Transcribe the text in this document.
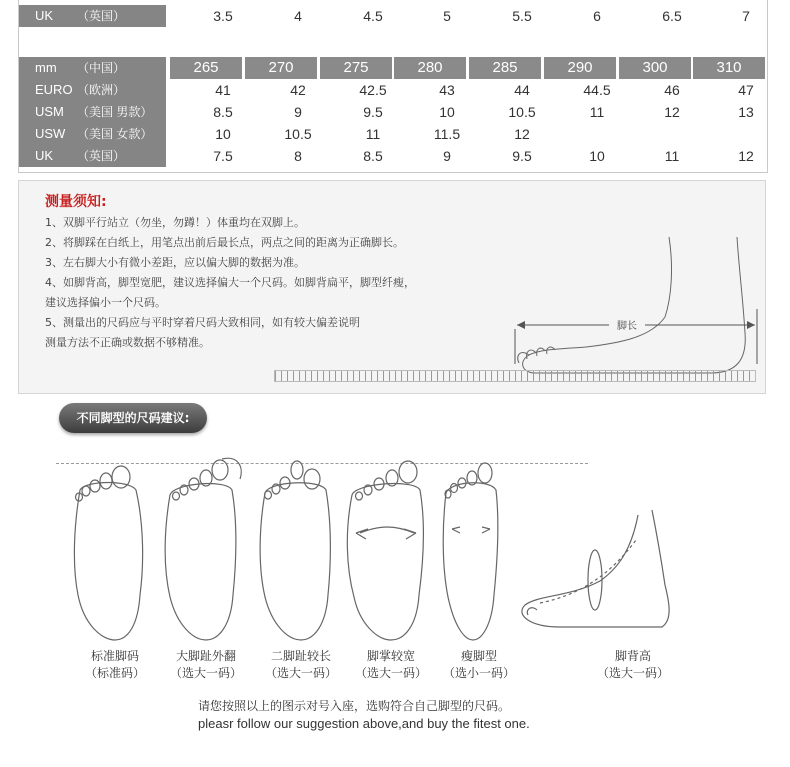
UK （英国）	3.5	4	4.5	5	5.5	6	6.5	7
mm （中国）	265	270	275	280	285	290	300	310
EURO （欧洲）	41	42	42.5	43	44	44.5	46	47
USM （美国 男款）	8.5	9	9.5	10	10.5	11	12	13
USW （美国 女款）	10	10.5	11	11.5	12
UK （英国）	7.5	8	8.5	9	9.5	10	11	12
测量须知:
1、双脚平行站立（勿坐，勿蹲！）体重均在双脚上。
2、将脚踩在白纸上，用笔点出前后最长点，两点之间的距离为正确脚长。
3、左右脚大小有微小差距，应以偏大脚的数据为准。
4、如脚背高，脚型宽肥，建议选择偏大一个尺码。如脚背扁平，脚型纤瘦，
建议选择偏小一个尺码。
5、测量出的尺码应与平时穿着尺码大致相同，如有较大偏差说明
测量方法不正确或数据不够精准。
脚长
不同脚型的尺码建议:
标准脚码
（标准码）
大脚趾外翻
（选大一码）
二脚趾较长
（选大一码）
脚掌较宽
（选大一码）
瘦脚型
（选小一码）
脚背高
（选大一码）
请您按照以上的图示对号入座，选购符合自己脚型的尺码。
pleasr follow our suggestion above,and buy the fitest one.
